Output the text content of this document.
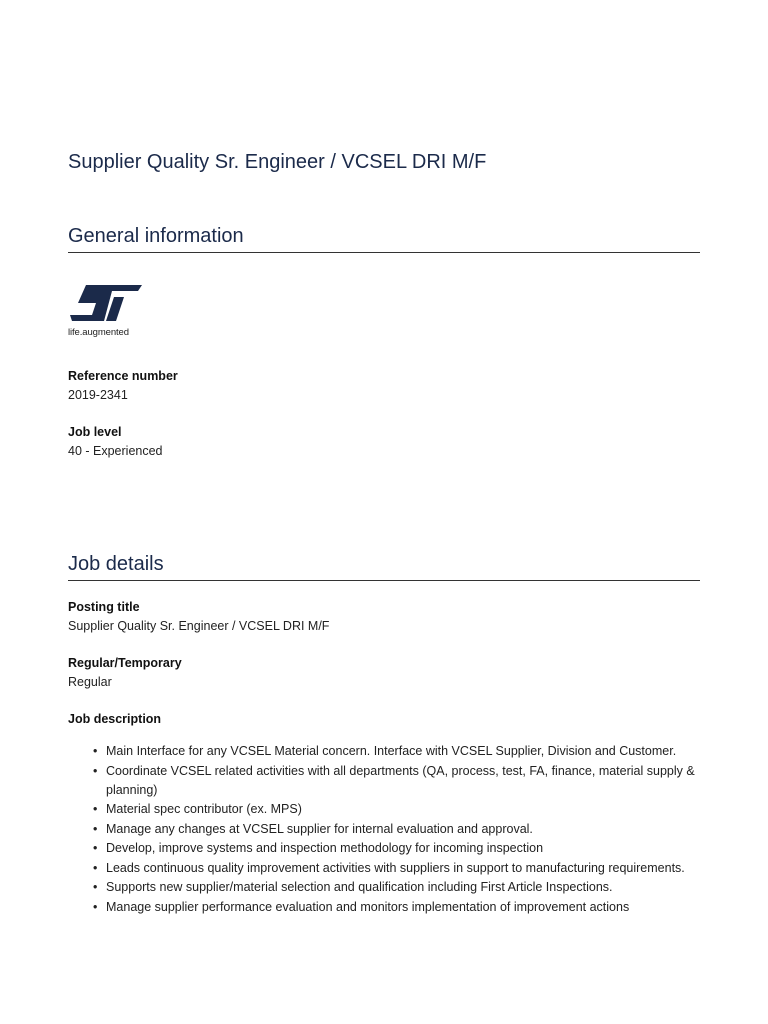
Supplier Quality Sr. Engineer / VCSEL DRI M/F
General information
life.augmented
Reference number
2019-2341
Job level
40 - Experienced
Job details
Posting title
Supplier Quality Sr. Engineer / VCSEL DRI M/F
Regular/Temporary
Regular
Job description
• Main Interface for any VCSEL Material concern. Interface with VCSEL Supplier, Division and Customer.
• Coordinate VCSEL related activities with all departments (QA, process, test, FA, finance, material supply & planning)
• Material spec contributor (ex. MPS)
• Manage any changes at VCSEL supplier for internal evaluation and approval.
• Develop, improve systems and inspection methodology for incoming inspection
• Leads continuous quality improvement activities with suppliers in support to manufacturing requirements.
• Supports new supplier/material selection and qualification including First Article Inspections.
• Manage supplier performance evaluation and monitors implementation of improvement actions
